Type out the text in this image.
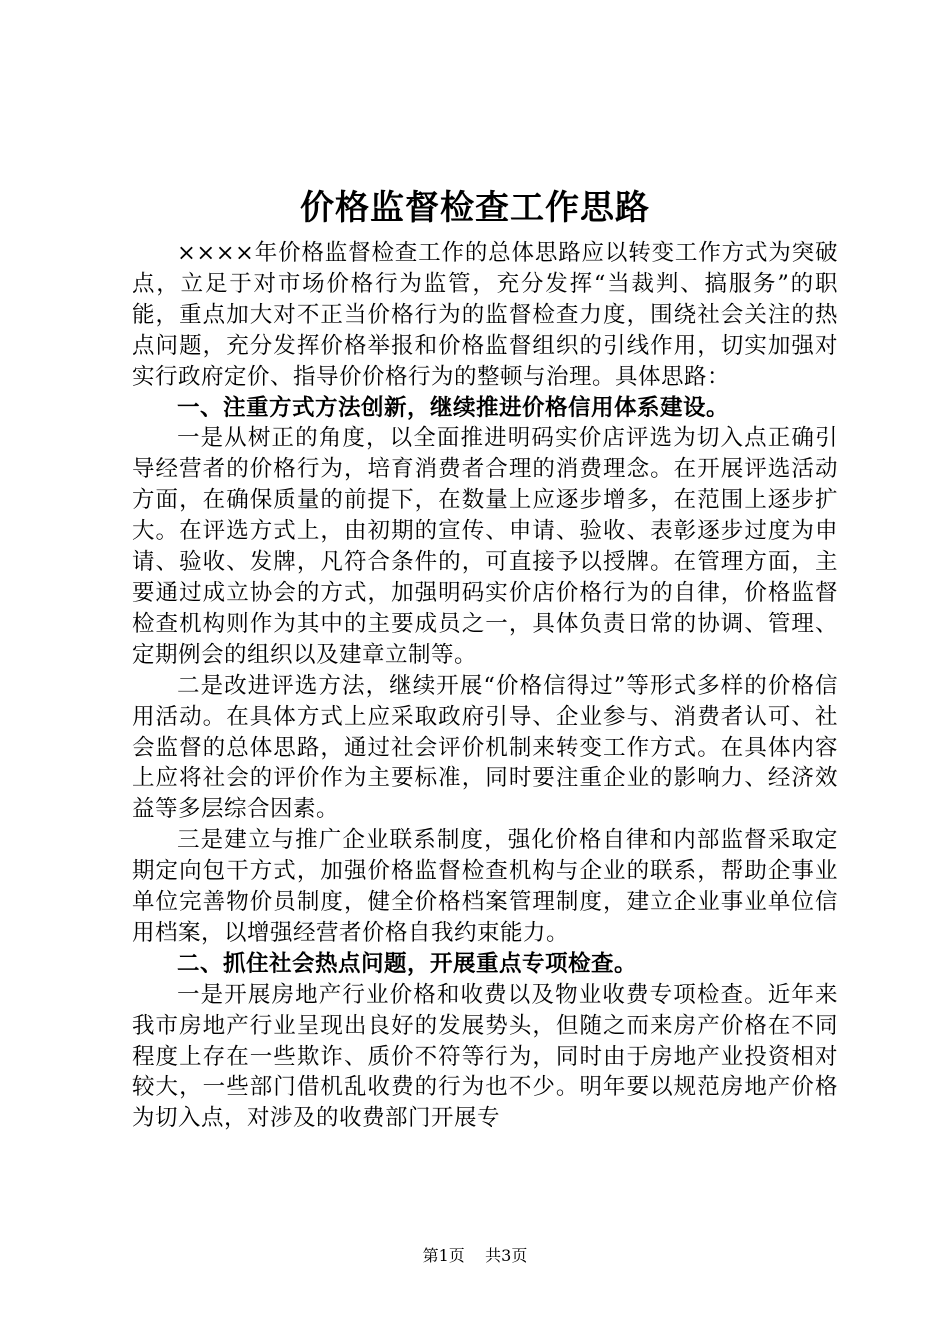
价格监督检查工作思路

××××年价格监督检查工作的总体思路应以转变工作方式为突破点，立足于对市场价格行为监管，充分发挥“当裁判、搞服务”的职能，重点加大对不正当价格行为的监督检查力度，围绕社会关注的热点问题，充分发挥价格举报和价格监督组织的引线作用，切实加强对实行政府定价、指导价价格行为的整顿与治理。具体思路：

一、注重方式方法创新，继续推进价格信用体系建设。

一是从树正的角度，以全面推进明码实价店评选为切入点正确引导经营者的价格行为，培育消费者合理的消费理念。在开展评选活动方面，在确保质量的前提下，在数量上应逐步增多，在范围上逐步扩大。在评选方式上，由初期的宣传、申请、验收、表彰逐步过度为申请、验收、发牌，凡符合条件的，可直接予以授牌。在管理方面，主要通过成立协会的方式，加强明码实价店价格行为的自律，价格监督检查机构则作为其中的主要成员之一，具体负责日常的协调、管理、定期例会的组织以及建章立制等。

二是改进评选方法，继续开展“价格信得过”等形式多样的价格信用活动。在具体方式上应采取政府引导、企业参与、消费者认可、社会监督的总体思路，通过社会评价机制来转变工作方式。在具体内容上应将社会的评价作为主要标准，同时要注重企业的影响力、经济效益等多层综合因素。

三是建立与推广企业联系制度，强化价格自律和内部监督采取定期定向包干方式，加强价格监督检查机构与企业的联系，帮助企事业单位完善物价员制度，健全价格档案管理制度，建立企业事业单位信用档案，以增强经营者价格自我约束能力。

二、抓住社会热点问题，开展重点专项检查。

一是开展房地产行业价格和收费以及物业收费专项检查。近年来我市房地产行业呈现出良好的发展势头，但随之而来房产价格在不同程度上存在一些欺诈、质价不符等行为，同时由于房地产业投资相对较大，一些部门借机乱收费的行为也不少。明年要以规范房地产价格为切入点，对涉及的收费部门开展专

第1页 共3页
